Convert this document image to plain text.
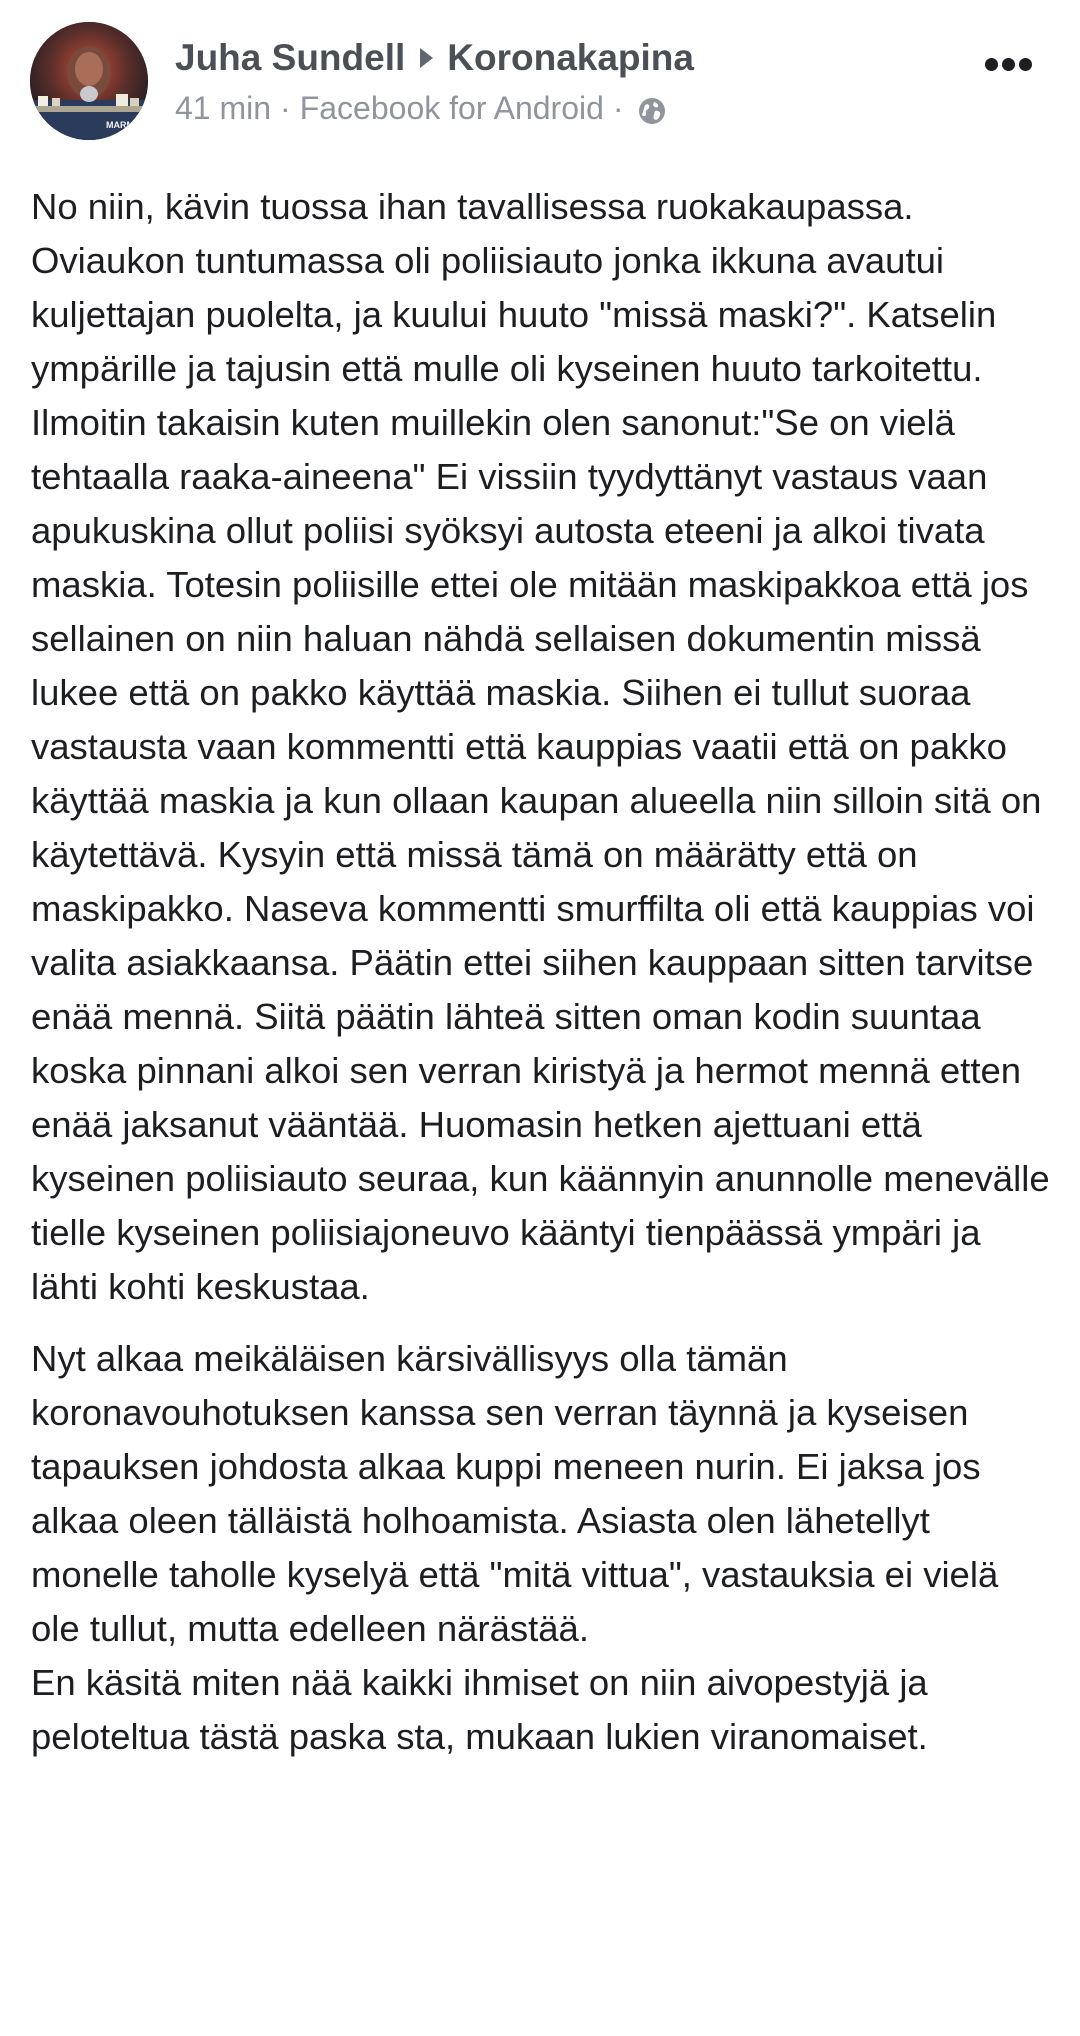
MARMA
Juha Sundell Koronakapina
41 min · Facebook for Android ·

No niin, kävin tuossa ihan tavallisessa ruokakaupassa. Oviaukon tuntumassa oli poliisiauto jonka ikkuna avautui kuljettajan puolelta, ja kuului huuto "missä maski?". Katselin ympärille ja tajusin että mulle oli kyseinen huuto tarkoitettu. Ilmoitin takaisin kuten muillekin olen sanonut:"Se on vielä tehtaalla raaka-aineena" Ei vissiin tyydyttänyt vastaus vaan apukuskina ollut poliisi syöksyi autosta eteeni ja alkoi tivata maskia. Totesin poliisille ettei ole mitään maskipakkoa että jos sellainen on niin haluan nähdä sellaisen dokumentin missä lukee että on pakko käyttää maskia. Siihen ei tullut suoraa vastausta vaan kommentti että kauppias vaatii että on pakko käyttää maskia ja kun ollaan kaupan alueella niin silloin sitä on käytettävä. Kysyin että missä tämä on määrätty että on maskipakko. Naseva kommentti smurffilta oli että kauppias voi valita asiakkaansa. Päätin ettei siihen kauppaan sitten tarvitse enää mennä. Siitä päätin lähteä sitten oman kodin suuntaa koska pinnani alkoi sen verran kiristyä ja hermot mennä etten enää jaksanut vääntää. Huomasin hetken ajettuani että kyseinen poliisiauto seuraa, kun käännyin anunnolle menevälle tielle kyseinen poliisiajoneuvo kääntyi tienpäässä ympäri ja lähti kohti keskustaa.

Nyt alkaa meikäläisen kärsivällisyys olla tämän koronavouhotuksen kanssa sen verran täynnä ja kyseisen tapauksen johdosta alkaa kuppi meneen nurin. Ei jaksa jos alkaa oleen tälläistä holhoamista. Asiasta olen lähetellyt monelle taholle kyselyä että "mitä vittua", vastauksia ei vielä ole tullut, mutta edelleen närästää.
En käsitä miten nää kaikki ihmiset on niin aivopestyjä ja peloteltua tästä paska sta, mukaan lukien viranomaiset.
